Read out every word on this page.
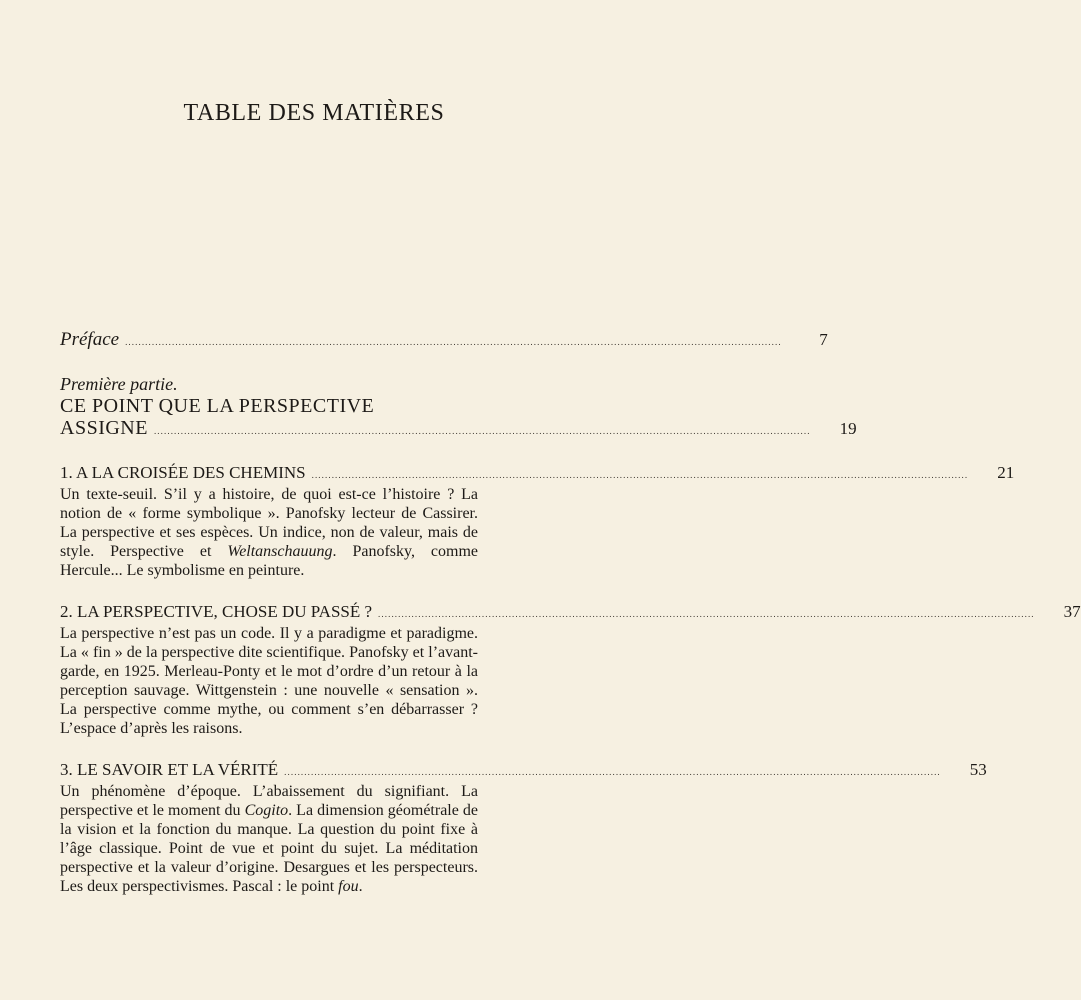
TABLE DES MATIÈRES
Préface ....................................................................................................................................................................................................	7
Première partie.
CE POINT QUE LA PERSPECTIVE
ASSIGNE ....................................................................................................................................................................................................	19
1. A LA CROISÉE DES CHEMINS ....................................................................................................................................................................................................	21
Un texte-seuil. S’il y a histoire, de quoi est-ce l’histoire ? La notion de « forme symbolique ». Panofsky lecteur de Cassirer. La perspective et ses espèces. Un indice, non de valeur, mais de style. Perspective et Weltanschauung. Panofsky, comme Hercule... Le symbolisme en peinture.
2. LA PERSPECTIVE, CHOSE DU PASSÉ ? ....................................................................................................................................................................................................	37
La perspective n’est pas un code. Il y a paradigme et paradigme. La « fin » de la perspective dite scientifique. Panofsky et l’avant-garde, en 1925. Merleau-Ponty et le mot d’ordre d’un retour à la perception sauvage. Wittgenstein : une nouvelle « sensation ». La perspective comme mythe, ou comment s’en débarrasser ? L’espace d’après les raisons.
3. LE SAVOIR ET LA VÉRITÉ ....................................................................................................................................................................................................	53
Un phénomène d’époque. L’abaissement du signifiant. La perspective et le moment du Cogito. La dimension géométrale de la vision et la fonction du manque. La question du point fixe à l’âge classique. Point de vue et point du sujet. La méditation perspective et la valeur d’origine. Desargues et les perspecteurs. Les deux perspectivismes. Pascal : le point fou.
